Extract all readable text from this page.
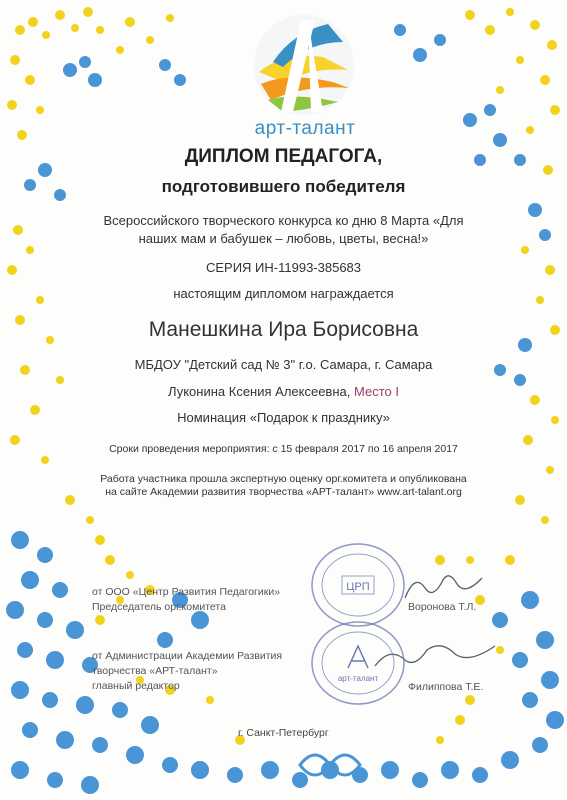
арт-талант
ДИПЛОМ ПЕДАГОГА,
подготовившего победителя
Всероссийского творческого конкурса ко дню 8 Марта «Для
наших мам и бабушек – любовь, цветы, весна!»
СЕРИЯ ИН-11993-385683
настоящим дипломом награждается
Манешкина Ира Борисовна
МБДОУ "Детский сад № 3" г.о. Самара, г. Самара
Луконина Ксения Алексеевна, Место I
Номинация «Подарок к празднику»
Сроки проведения мероприятия: с 15 февраля 2017 по 16 апреля 2017
Работа участника прошла экспертную оценку орг.комитета и опубликована
на сайте Академии развития творчества «АРТ-талант» www.art-talant.org
от ООО «Центр Развития Педагогики»
Председатель орг.комитета	Воронова Т.Л.
от Администрации Академии Развития
творчества «АРТ-талант»
главный редактор	Филиппова Т.Е.
ЦРП
арт-талант
г. Санкт-Петербург
